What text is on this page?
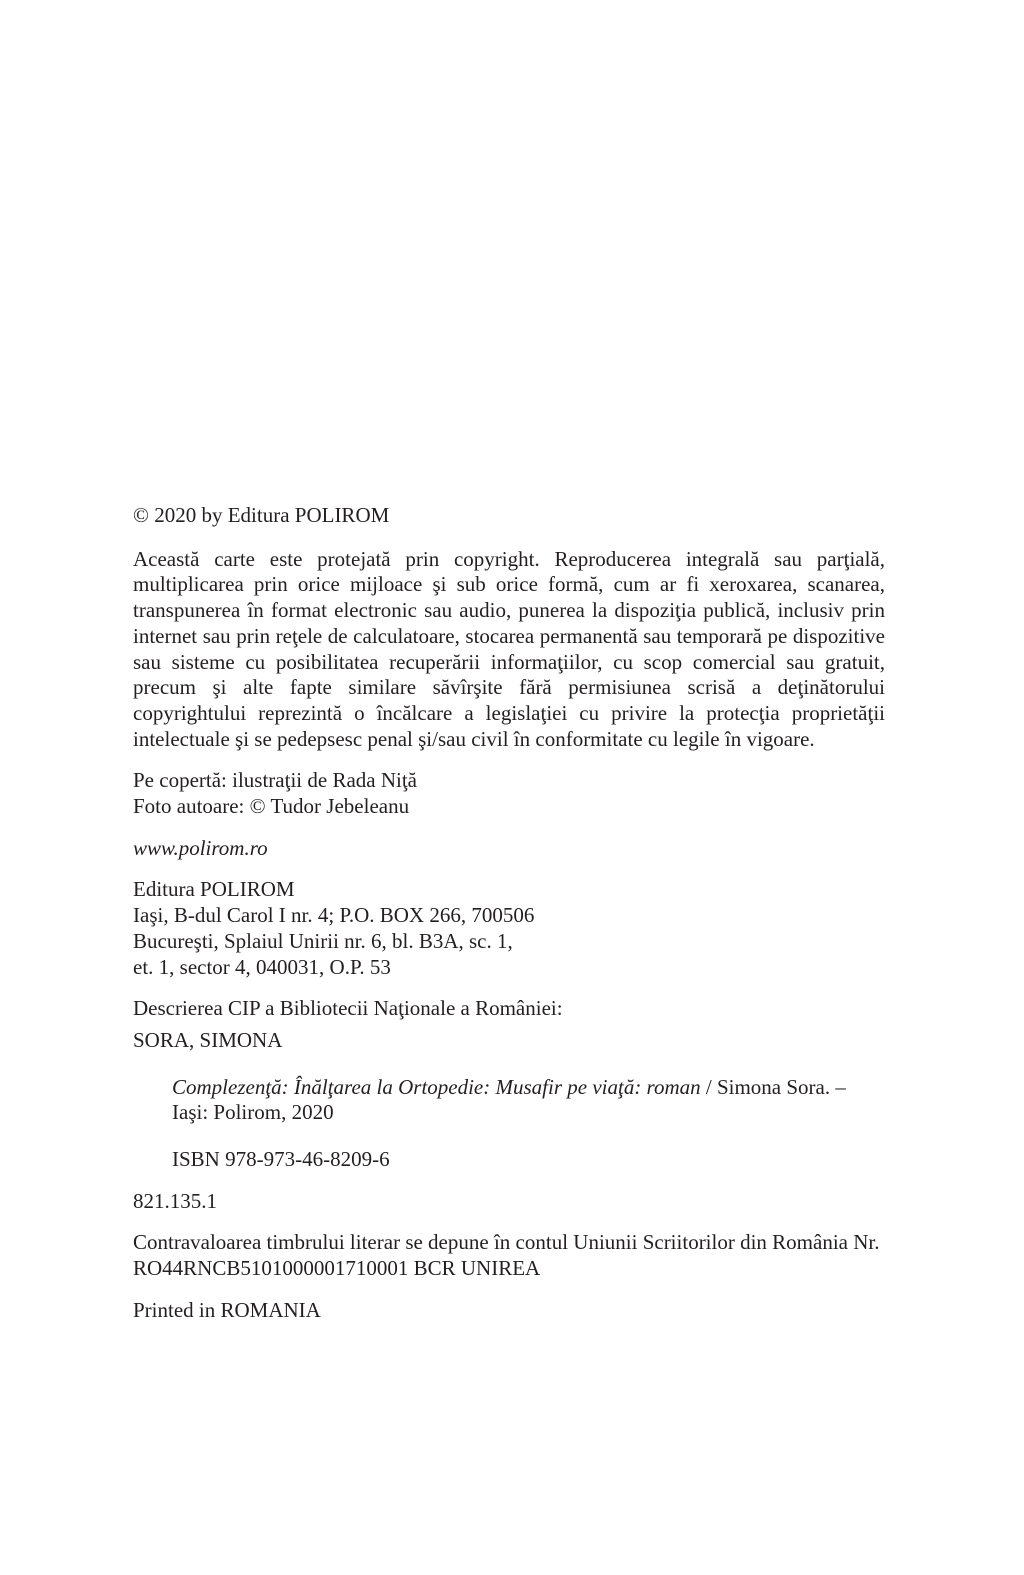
© 2020 by Editura POLIROM

Această carte este protejată prin copyright. Reproducerea integrală sau parţială, multiplicarea prin orice mijloace şi sub orice formă, cum ar fi xeroxarea, scanarea, transpunerea în format electronic sau audio, punerea la dispoziţia publică, inclusiv prin internet sau prin reţele de calculatoare, stocarea permanentă sau temporară pe dispozitive sau sisteme cu posibilitatea recuperării informaţiilor, cu scop comercial sau gratuit, precum şi alte fapte similare săvîrşite fără permisiunea scrisă a deţinătorului copyrightului reprezintă o încălcare a legislaţiei cu privire la protecţia proprietăţii intelectuale şi se pedepsesc penal şi/sau civil în conformitate cu legile în vigoare.

Pe copertă: ilustraţii de Rada Niţă
Foto autoare: © Tudor Jebeleanu

www.polirom.ro

Editura POLIROM
Iaşi, B-dul Carol I nr. 4; P.O. BOX 266, 700506
Bucureşti, Splaiul Unirii nr. 6, bl. B3A, sc. 1,
et. 1, sector 4, 040031, O.P. 53

Descrierea CIP a Bibliotecii Naţionale a României:

SORA, SIMONA

Complezenţă: Înălţarea la Ortopedie: Musafir pe viaţă: roman / Simona Sora. – Iaşi: Polirom, 2020

ISBN 978-973-46-8209-6

821.135.1

Contravaloarea timbrului literar se depune în contul Uniunii Scriitorilor din România Nr. RO44RNCB5101000001710001 BCR UNIREA

Printed in ROMANIA
